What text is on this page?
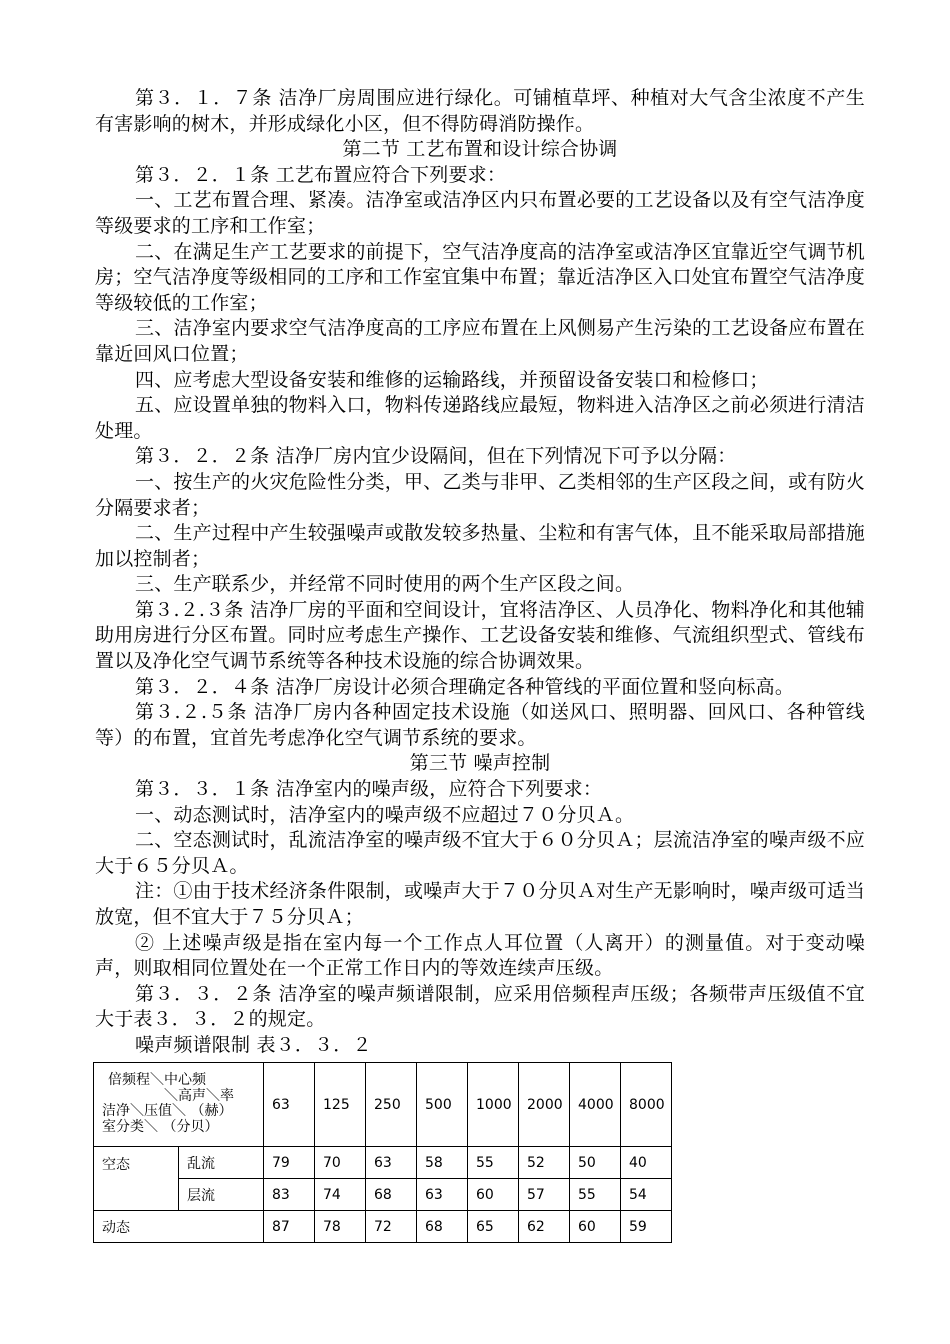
第３．１．７条 洁净厂房周围应进行绿化。可铺植草坪、种植对大气含尘浓度不产生有害影响的树木，并形成绿化小区，但不得防碍消防操作。

第二节 工艺布置和设计综合协调

第３．２．１条 工艺布置应符合下列要求：

一、工艺布置合理、紧凑。洁净室或洁净区内只布置必要的工艺设备以及有空气洁净度等级要求的工序和工作室；

二、在满足生产工艺要求的前提下，空气洁净度高的洁净室或洁净区宜靠近空气调节机房；空气洁净度等级相同的工序和工作室宜集中布置；靠近洁净区入口处宜布置空气洁净度等级较低的工作室；

三、洁净室内要求空气洁净度高的工序应布置在上风侧易产生污染的工艺设备应布置在靠近回风口位置；

四、应考虑大型设备安装和维修的运输路线，并预留设备安装口和检修口；

五、应设置单独的物料入口，物料传递路线应最短，物料进入洁净区之前必须进行清洁处理。

第３．２．２条 洁净厂房内宜少设隔间，但在下列情况下可予以分隔：

一、按生产的火灾危险性分类，甲、乙类与非甲、乙类相邻的生产区段之间，或有防火分隔要求者；

二、生产过程中产生较强噪声或散发较多热量、尘粒和有害气体，且不能采取局部措施加以控制者；

三、生产联系少，并经常不同时使用的两个生产区段之间。

第３.２.３条 洁净厂房的平面和空间设计，宜将洁净区、人员净化、物料净化和其他辅助用房进行分区布置。同时应考虑生产操作、工艺设备安装和维修、气流组织型式、管线布置以及净化空气调节系统等各种技术设施的综合协调效果。

第３．２．４条 洁净厂房设计必须合理确定各种管线的平面位置和竖向标高。

第３.２.５条 洁净厂房内各种固定技术设施（如送风口、照明器、回风口、各种管线等）的布置，宜首先考虑净化空气调节系统的要求。

第三节 噪声控制

第３．３．１条 洁净室内的噪声级，应符合下列要求：

一、动态测试时，洁净室内的噪声级不应超过７０分贝Ａ。

二、空态测试时，乱流洁净室的噪声级不宜大于６０分贝Ａ；层流洁净室的噪声级不应大于６５分贝Ａ。

注：①由于技术经济条件限制，或噪声大于７０分贝Ａ对生产无影响时，噪声级可适当放宽，但不宜大于７５分贝Ａ；

② 上述噪声级是指在室内每一个工作点人耳位置（人离开）的测量值。对于变动噪声，则取相同位置处在一个正常工作日内的等效连续声压级。

第３．３．２条 洁净室的噪声频谱限制，应采用倍频程声压级；各频带声压级值不宜大于表３．３．２的规定。

噪声频谱限制 表３．３．２

倍频程＼中心频
＼高声＼率
洁净＼压值＼ （赫）
室分类＼ （分贝）		63	125	250	500	1000	2000	4000	8000
空态	乱流	79	70	63	58	55	52	50	40
	层流	83	74	68	63	60	57	55	54
动态		87	78	72	68	65	62	60	59
